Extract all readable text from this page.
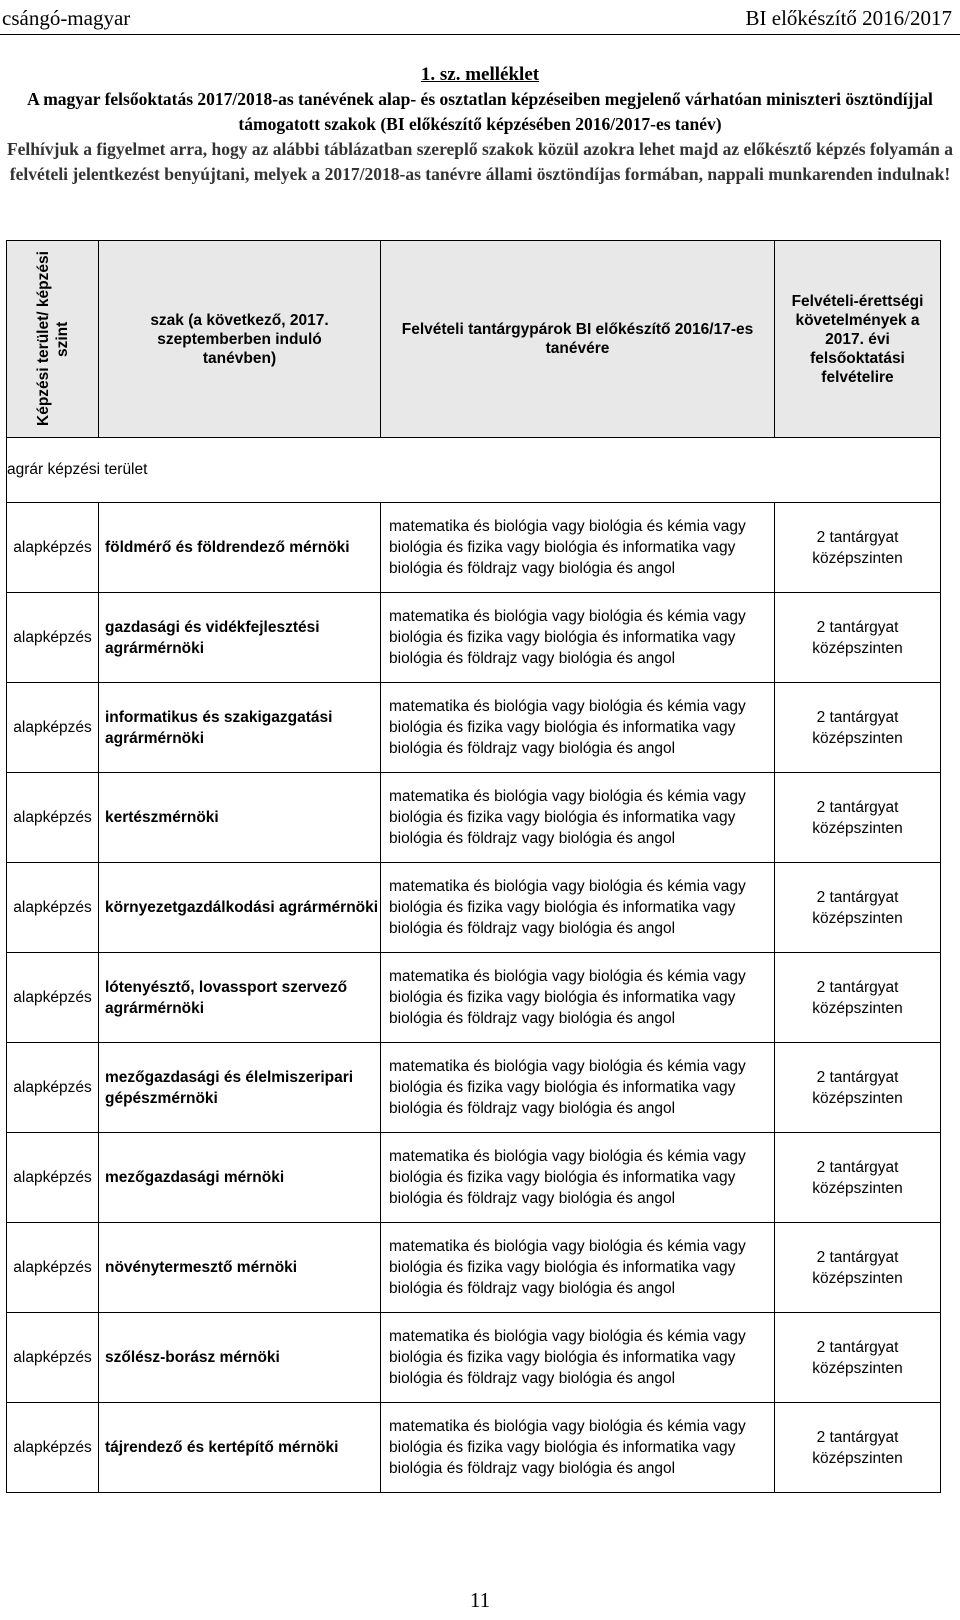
csángó-magyar	BI előkészítő 2016/2017
1. sz. melléklet
A magyar felsőoktatás 2017/2018-as tanévének alap- és osztatlan képzéseiben megjelenő várhatóan miniszteri ösztöndíjjal támogatott szakok (BI előkészítő képzésében 2016/2017-es tanév)
Felhívjuk a figyelmet arra, hogy az alábbi táblázatban szereplő szakok közül azokra lehet majd az előkésztő képzés folyamán a felvételi jelentkezést benyújtani, melyek a 2017/2018-as tanévre állami ösztöndíjas formában, nappali munkarenden indulnak!
Képzési terület/ képzési szint	szak (a következő, 2017. szeptemberben induló tanévben)	Felvételi tantárgypárok BI előkészítő 2016/17-es tanévére	Felvételi-érettségi követelmények a 2017. évi felsőoktatási felvételire
agrár képzési terület			
alapképzés	földmérő és földrendező mérnöki	matematika és biológia vagy biológia és kémia vagy biológia és fizika vagy biológia és informatika vagy biológia és földrajz vagy biológia és angol	2 tantárgyat középszinten
alapképzés	gazdasági és vidékfejlesztési agrármérnöki	matematika és biológia vagy biológia és kémia vagy biológia és fizika vagy biológia és informatika vagy biológia és földrajz vagy biológia és angol	2 tantárgyat középszinten
alapképzés	informatikus és szakigazgatási agrármérnöki	matematika és biológia vagy biológia és kémia vagy biológia és fizika vagy biológia és informatika vagy biológia és földrajz vagy biológia és angol	2 tantárgyat középszinten
alapképzés	kertészmérnöki	matematika és biológia vagy biológia és kémia vagy biológia és fizika vagy biológia és informatika vagy biológia és földrajz vagy biológia és angol	2 tantárgyat középszinten
alapképzés	környezetgazdálkodási agrármérnöki	matematika és biológia vagy biológia és kémia vagy biológia és fizika vagy biológia és informatika vagy biológia és földrajz vagy biológia és angol	2 tantárgyat középszinten
alapképzés	lótenyésztő, lovassport szervező agrármérnöki	matematika és biológia vagy biológia és kémia vagy biológia és fizika vagy biológia és informatika vagy biológia és földrajz vagy biológia és angol	2 tantárgyat középszinten
alapképzés	mezőgazdasági és élelmiszeripari gépészmérnöki	matematika és biológia vagy biológia és kémia vagy biológia és fizika vagy biológia és informatika vagy biológia és földrajz vagy biológia és angol	2 tantárgyat középszinten
alapképzés	mezőgazdasági mérnöki	matematika és biológia vagy biológia és kémia vagy biológia és fizika vagy biológia és informatika vagy biológia és földrajz vagy biológia és angol	2 tantárgyat középszinten
alapképzés	növénytermesztő mérnöki	matematika és biológia vagy biológia és kémia vagy biológia és fizika vagy biológia és informatika vagy biológia és földrajz vagy biológia és angol	2 tantárgyat középszinten
alapképzés	szőlész-borász mérnöki	matematika és biológia vagy biológia és kémia vagy biológia és fizika vagy biológia és informatika vagy biológia és földrajz vagy biológia és angol	2 tantárgyat középszinten
alapképzés	tájrendező és kertépítő mérnöki	matematika és biológia vagy biológia és kémia vagy biológia és fizika vagy biológia és informatika vagy biológia és földrajz vagy biológia és angol	2 tantárgyat középszinten
11
